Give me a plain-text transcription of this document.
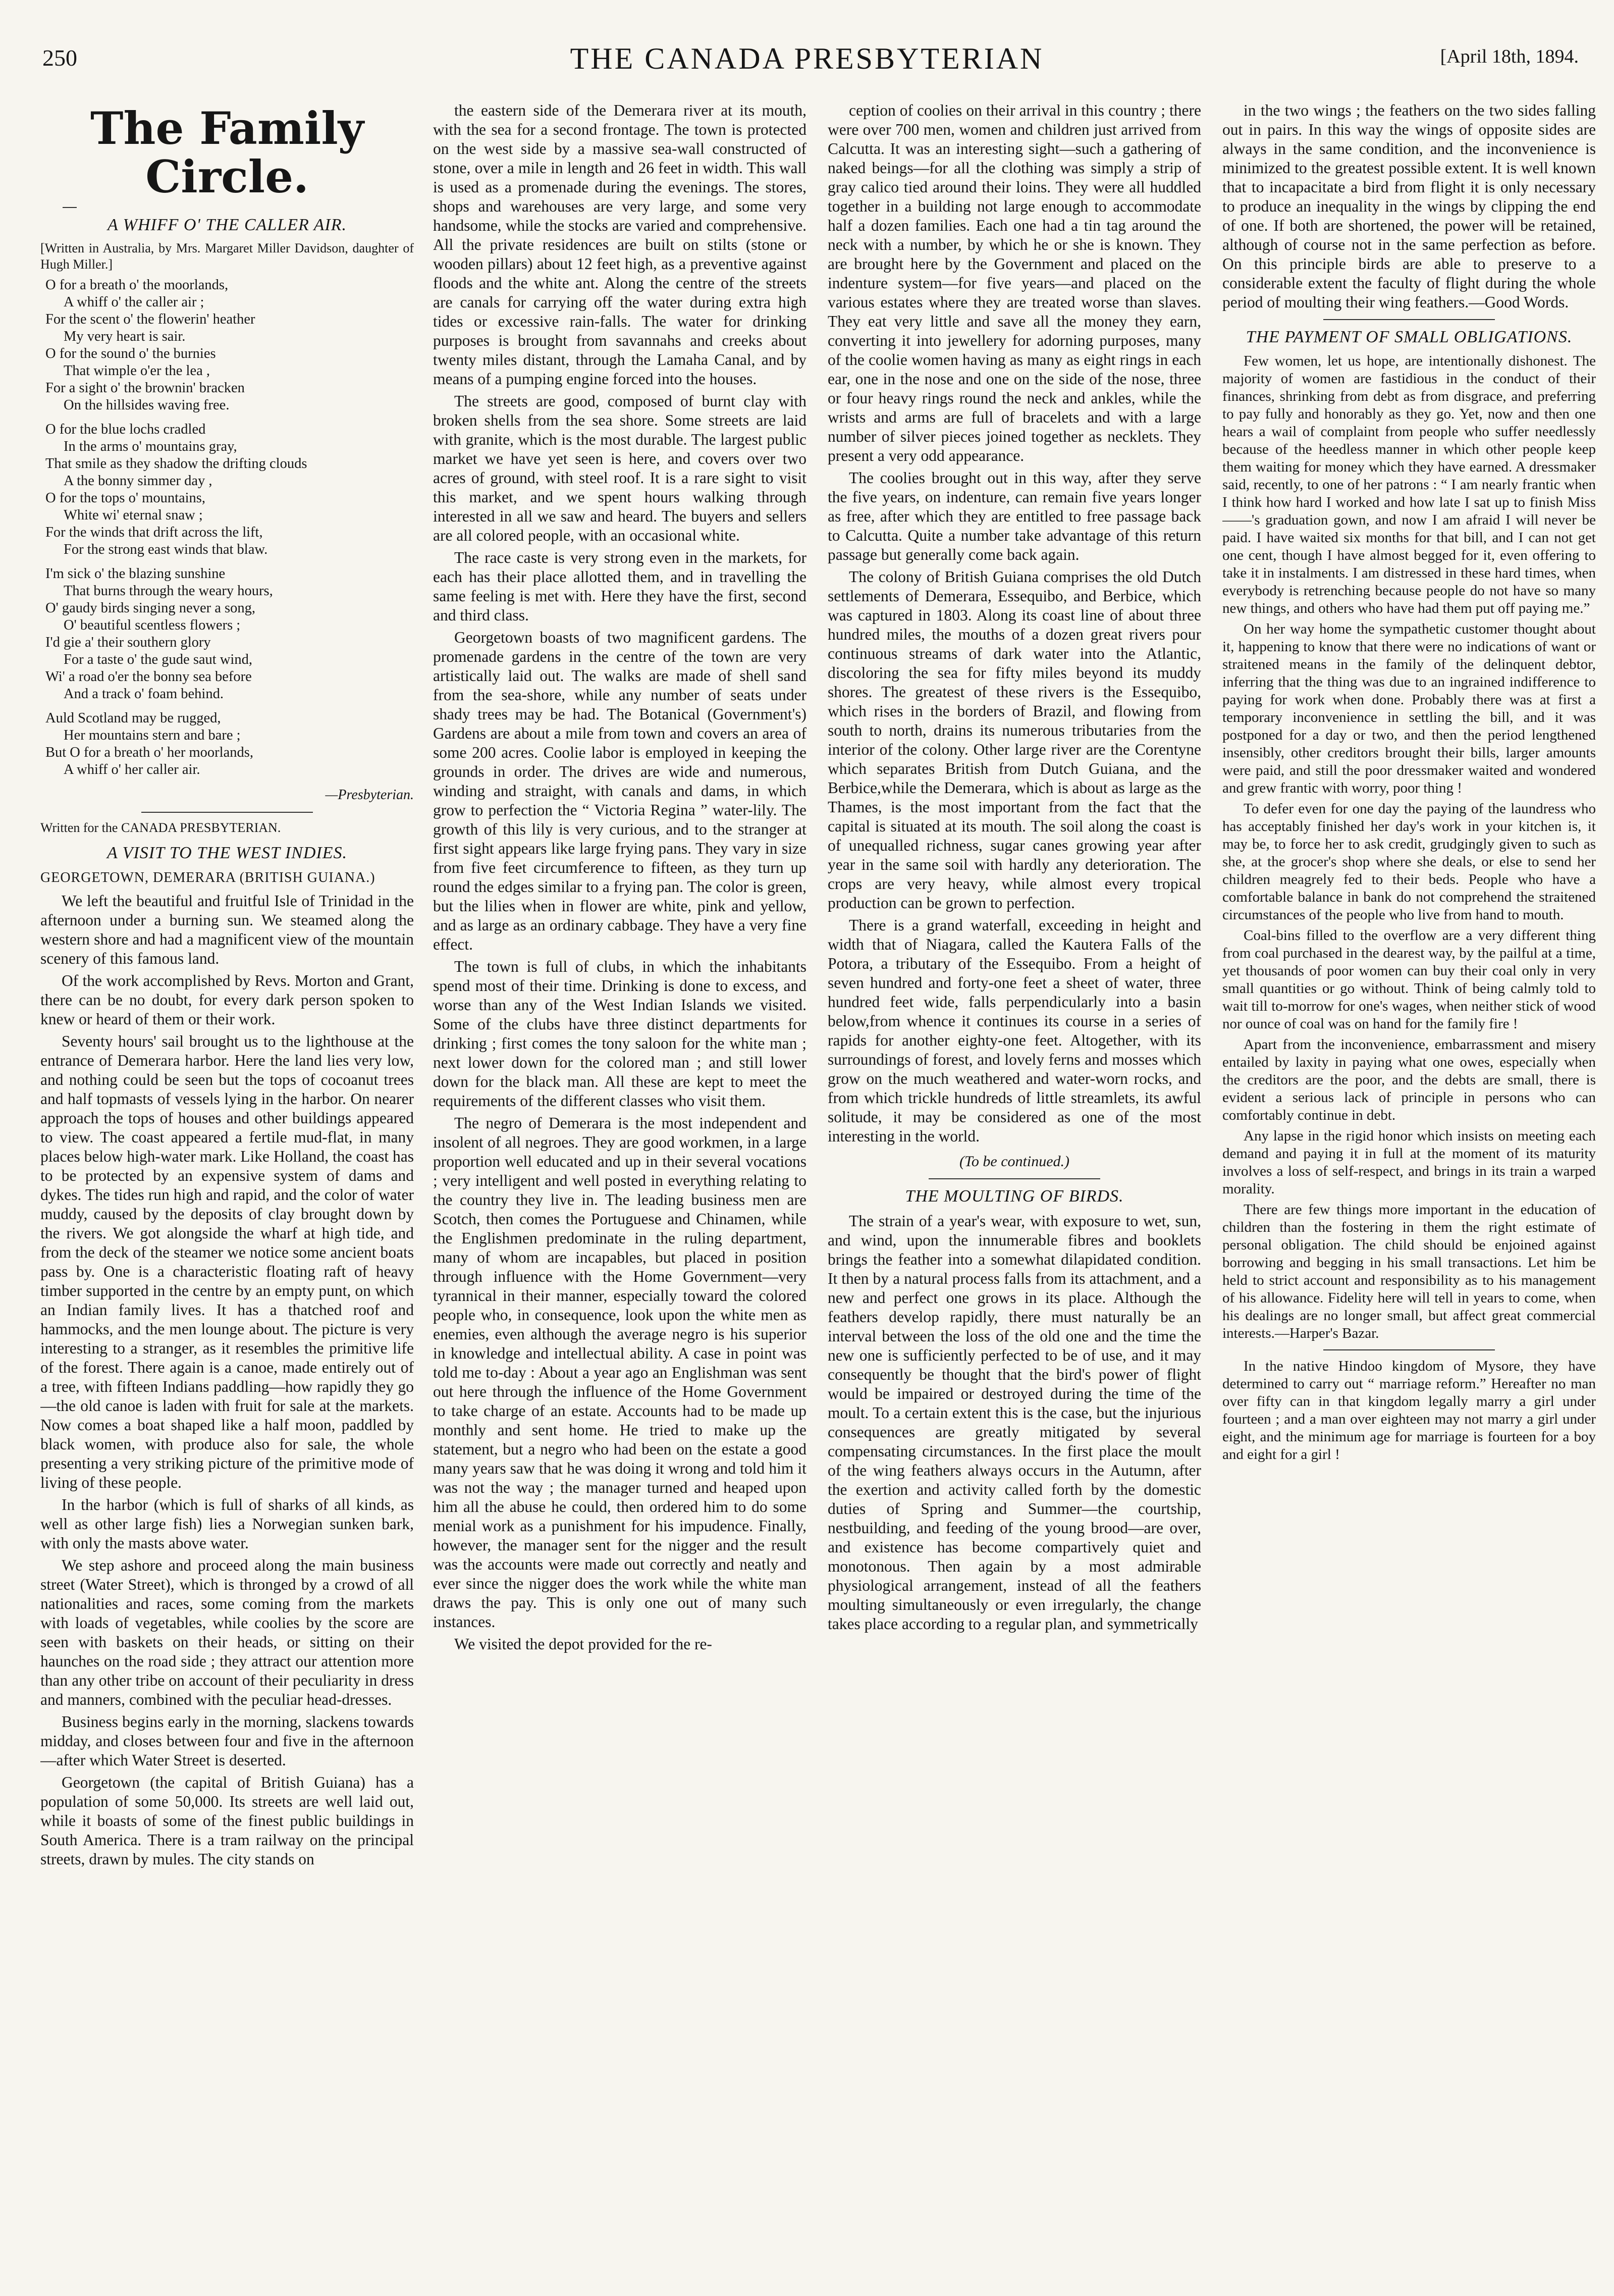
250	THE CANADA PRESBYTERIAN	[April 18th, 1894.
The Family Circle.
A WHIFF O' THE CALLER AIR.
[Written in Australia, by Mrs. Margaret Miller Davidson, daughter of Hugh Miller.]
O for a breath o' the moorlands,
A whiff o' the caller air ;
For the scent o' the flowerin' heather
My very heart is sair.
O for the sound o' the burnies
That wimple o'er the lea ,
For a sight o' the brownin' bracken
On the hillsides waving free.
O for the blue lochs cradled
In the arms o' mountains gray,
That smile as they shadow the drifting clouds
A the bonny simmer day ,
O for the tops o' mountains,
White wi' eternal snaw ;
For the winds that drift across the lift,
For the strong east winds that blaw.
I'm sick o' the blazing sunshine
That burns through the weary hours,
O' gaudy birds singing never a song,
O' beautiful scentless flowers ;
I'd gie a' their southern glory
For a taste o' the gude saut wind,
Wi' a road o'er the bonny sea before
And a track o' foam behind.
Auld Scotland may be rugged,
Her mountains stern and bare ;
But O for a breath o' her moorlands,
A whiff o' her caller air.
—Presbyterian.
Written for the CANADA PRESBYTERIAN.
A VISIT TO THE WEST INDIES.
GEORGETOWN, DEMERARA (BRITISH GUIANA.)

We left the beautiful and fruitful Isle of Trinidad in the afternoon under a burning sun. We steamed along the western shore and had a magnificent view of the mountain scenery of this famous land.

Of the work accomplished by Revs. Morton and Grant, there can be no doubt, for every dark person spoken to knew or heard of them or their work.

Seventy hours' sail brought us to the lighthouse at the entrance of Demerara harbor. Here the land lies very low, and nothing could be seen but the tops of cocoanut trees and half topmasts of vessels lying in the harbor. On nearer approach the tops of houses and other buildings appeared to view. The coast appeared a fertile mud-flat, in many places below high-water mark. Like Holland, the coast has to be protected by an expensive system of dams and dykes. The tides run high and rapid, and the color of water muddy, caused by the deposits of clay brought down by the rivers. We got alongside the wharf at high tide, and from the deck of the steamer we notice some ancient boats pass by. One is a characteristic floating raft of heavy timber supported in the centre by an empty punt, on which an Indian family lives. It has a thatched roof and hammocks, and the men lounge about. The picture is very interesting to a stranger, as it resembles the primitive life of the forest. There again is a canoe, made entirely out of a tree, with fifteen Indians paddling—how rapidly they go—the old canoe is laden with fruit for sale at the markets. Now comes a boat shaped like a half moon, paddled by black women, with produce also for sale, the whole presenting a very striking picture of the primitive mode of living of these people.

In the harbor (which is full of sharks of all kinds, as well as other large fish) lies a Norwegian sunken bark, with only the masts above water.

We step ashore and proceed along the main business street (Water Street), which is thronged by a crowd of all nationalities and races, some coming from the markets with loads of vegetables, while coolies by the score are seen with baskets on their heads, or sitting on their haunches on the road side ; they attract our attention more than any other tribe on account of their peculiarity in dress and manners, combined with the peculiar head-dresses.

Business begins early in the morning, slackens towards midday, and closes between four and five in the afternoon—after which Water Street is deserted.

Georgetown (the capital of British Guiana) has a population of some 50,000. Its streets are well laid out, while it boasts of some of the finest public buildings in South America. There is a tram railway on the principal streets, drawn by mules. The city stands on

the eastern side of the Demerara river at its mouth, with the sea for a second frontage. The town is protected on the west side by a massive sea-wall constructed of stone, over a mile in length and 26 feet in width. This wall is used as a promenade during the evenings. The stores, shops and warehouses are very large, and some very handsome, while the stocks are varied and comprehensive. All the private residences are built on stilts (stone or wooden pillars) about 12 feet high, as a preventive against floods and the white ant. Along the centre of the streets are canals for carrying off the water during extra high tides or excessive rain-falls. The water for drinking purposes is brought from savannahs and creeks about twenty miles distant, through the Lamaha Canal, and by means of a pumping engine forced into the houses.

The streets are good, composed of burnt clay with broken shells from the sea shore. Some streets are laid with granite, which is the most durable. The largest public market we have yet seen is here, and covers over two acres of ground, with steel roof. It is a rare sight to visit this market, and we spent hours walking through interested in all we saw and heard. The buyers and sellers are all colored people, with an occasional white.

The race caste is very strong even in the markets, for each has their place allotted them, and in travelling the same feeling is met with. Here they have the first, second and third class.

Georgetown boasts of two magnificent gardens. The promenade gardens in the centre of the town are very artistically laid out. The walks are made of shell sand from the sea-shore, while any number of seats under shady trees may be had. The Botanical (Government's) Gardens are about a mile from town and covers an area of some 200 acres. Coolie labor is employed in keeping the grounds in order. The drives are wide and numerous, winding and straight, with canals and dams, in which grow to perfection the “ Victoria Regina ” water-lily. The growth of this lily is very curious, and to the stranger at first sight appears like large frying pans. They vary in size from five feet circumference to fifteen, as they turn up round the edges similar to a frying pan. The color is green, but the lilies when in flower are white, pink and yellow, and as large as an ordinary cabbage. They have a very fine effect.

The town is full of clubs, in which the inhabitants spend most of their time. Drinking is done to excess, and worse than any of the West Indian Islands we visited. Some of the clubs have three distinct departments for drinking ; first comes the tony saloon for the white man ; next lower down for the colored man ; and still lower down for the black man. All these are kept to meet the requirements of the different classes who visit them.

The negro of Demerara is the most independent and insolent of all negroes. They are good workmen, in a large proportion well educated and up in their several vocations ; very intelligent and well posted in everything relating to the country they live in. The leading business men are Scotch, then comes the Portuguese and Chinamen, while the Englishmen predominate in the ruling department, many of whom are incapables, but placed in position through influence with the Home Government—very tyrannical in their manner, especially toward the colored people who, in consequence, look upon the white men as enemies, even although the average negro is his superior in knowledge and intellectual ability. A case in point was told me to-day : About a year ago an Englishman was sent out here through the influence of the Home Government to take charge of an estate. Accounts had to be made up monthly and sent home. He tried to make up the statement, but a negro who had been on the estate a good many years saw that he was doing it wrong and told him it was not the way ; the manager turned and heaped upon him all the abuse he could, then ordered him to do some menial work as a punishment for his impudence. Finally, however, the manager sent for the nigger and the result was the accounts were made out correctly and neatly and ever since the nigger does the work while the white man draws the pay. This is only one out of many such instances.

We visited the depot provided for the re-

ception of coolies on their arrival in this country ; there were over 700 men, women and children just arrived from Calcutta. It was an interesting sight—such a gathering of naked beings—for all the clothing was simply a strip of gray calico tied around their loins. They were all huddled together in a building not large enough to accommodate half a dozen families. Each one had a tin tag around the neck with a number, by which he or she is known. They are brought here by the Government and placed on the indenture system—for five years—and placed on the various estates where they are treated worse than slaves. They eat very little and save all the money they earn, converting it into jewellery for adorning purposes, many of the coolie women having as many as eight rings in each ear, one in the nose and one on the side of the nose, three or four heavy rings round the neck and ankles, while the wrists and arms are full of bracelets and with a large number of silver pieces joined together as necklets. They present a very odd appearance.

The coolies brought out in this way, after they serve the five years, on indenture, can remain five years longer as free, after which they are entitled to free passage back to Calcutta. Quite a number take advantage of this return passage but generally come back again.

The colony of British Guiana comprises the old Dutch settlements of Demerara, Essequibo, and Berbice, which was captured in 1803. Along its coast line of about three hundred miles, the mouths of a dozen great rivers pour continuous streams of dark water into the Atlantic, discoloring the sea for fifty miles beyond its muddy shores. The greatest of these rivers is the Essequibo, which rises in the borders of Brazil, and flowing from south to north, drains its numerous tributaries from the interior of the colony. Other large river are the Corentyne which separates British from Dutch Guiana, and the Berbice,while the Demerara, which is about as large as the Thames, is the most important from the fact that the capital is situated at its mouth. The soil along the coast is of unequalled richness, sugar canes growing year after year in the same soil with hardly any deterioration. The crops are very heavy, while almost every tropical production can be grown to perfection.

There is a grand waterfall, exceeding in height and width that of Niagara, called the Kautera Falls of the Potora, a tributary of the Essequibo. From a height of seven hundred and forty-one feet a sheet of water, three hundred feet wide, falls perpendicularly into a basin below,from whence it continues its course in a series of rapids for another eighty-one feet. Altogether, with its surroundings of forest, and lovely ferns and mosses which grow on the much weathered and water-worn rocks, and from which trickle hundreds of little streamlets, its awful solitude, it may be considered as one of the most interesting in the world.

(To be continued.)
THE MOULTING OF BIRDS.

The strain of a year's wear, with exposure to wet, sun, and wind, upon the innumerable fibres and booklets brings the feather into a somewhat dilapidated condition. It then by a natural process falls from its attachment, and a new and perfect one grows in its place. Although the feathers develop rapidly, there must naturally be an interval between the loss of the old one and the time the new one is sufficiently perfected to be of use, and it may consequently be thought that the bird's power of flight would be impaired or destroyed during the time of the moult. To a certain extent this is the case, but the injurious consequences are greatly mitigated by several compensating circumstances. In the first place the moult of the wing feathers always occurs in the Autumn, after the exertion and activity called forth by the domestic duties of Spring and Summer—the courtship, nestbuilding, and feeding of the young brood—are over, and existence has become compartively quiet and monotonous. Then again by a most admirable physiological arrangement, instead of all the feathers moulting simultaneously or even irregularly, the change takes place according to a regular plan, and symmetrically

in the two wings ; the feathers on the two sides falling out in pairs. In this way the wings of opposite sides are always in the same condition, and the inconvenience is minimized to the greatest possible extent. It is well known that to incapacitate a bird from flight it is only necessary to produce an inequality in the wings by clipping the end of one. If both are shortened, the power will be retained, although of course not in the same perfection as before. On this principle birds are able to preserve to a considerable extent the faculty of flight during the whole period of moulting their wing feathers.—Good Words.

THE PAYMENT OF SMALL OBLIGATIONS.

Few women, let us hope, are intentionally dishonest. The majority of women are fastidious in the conduct of their finances, shrinking from debt as from disgrace, and preferring to pay fully and honorably as they go. Yet, now and then one hears a wail of complaint from people who suffer needlessly because of the heedless manner in which other people keep them waiting for money which they have earned. A dressmaker said, recently, to one of her patrons : “ I am nearly frantic when I think how hard I worked and how late I sat up to finish Miss——'s graduation gown, and now I am afraid I will never be paid. I have waited six months for that bill, and I can not get one cent, though I have almost begged for it, even offering to take it in instalments. I am distressed in these hard times, when everybody is retrenching because people do not have so many new things, and others who have had them put off paying me.”

On her way home the sympathetic customer thought about it, happening to know that there were no indications of want or straitened means in the family of the delinquent debtor, inferring that the thing was due to an ingrained indifference to paying for work when done. Probably there was at first a temporary inconvenience in settling the bill, and it was postponed for a day or two, and then the period lengthened insensibly, other creditors brought their bills, larger amounts were paid, and still the poor dressmaker waited and wondered and grew frantic with worry, poor thing !

To defer even for one day the paying of the laundress who has acceptably finished her day's work in your kitchen is, it may be, to force her to ask credit, grudgingly given to such as she, at the grocer's shop where she deals, or else to send her children meagrely fed to their beds. People who have a comfortable balance in bank do not comprehend the straitened circumstances of the people who live from hand to mouth.

Coal-bins filled to the overflow are a very different thing from coal purchased in the dearest way, by the pailful at a time, yet thousands of poor women can buy their coal only in very small quantities or go without. Think of being calmly told to wait till to-morrow for one's wages, when neither stick of wood nor ounce of coal was on hand for the family fire !

Apart from the inconvenience, embarrassment and misery entailed by laxity in paying what one owes, especially when the creditors are the poor, and the debts are small, there is evident a serious lack of principle in persons who can comfortably continue in debt.

Any lapse in the rigid honor which insists on meeting each demand and paying it in full at the moment of its maturity involves a loss of self-respect, and brings in its train a warped morality.

There are few things more important in the education of children than the fostering in them the right estimate of personal obligation. The child should be enjoined against borrowing and begging in his small transactions. Let him be held to strict account and responsibility as to his management of his allowance. Fidelity here will tell in years to come, when his dealings are no longer small, but affect great commercial interests.—Harper's Bazar.

In the native Hindoo kingdom of Mysore, they have determined to carry out “ marriage reform.” Hereafter no man over fifty can in that kingdom legally marry a girl under fourteen ; and a man over eighteen may not marry a girl under eight, and the minimum age for marriage is fourteen for a boy and eight for a girl !
